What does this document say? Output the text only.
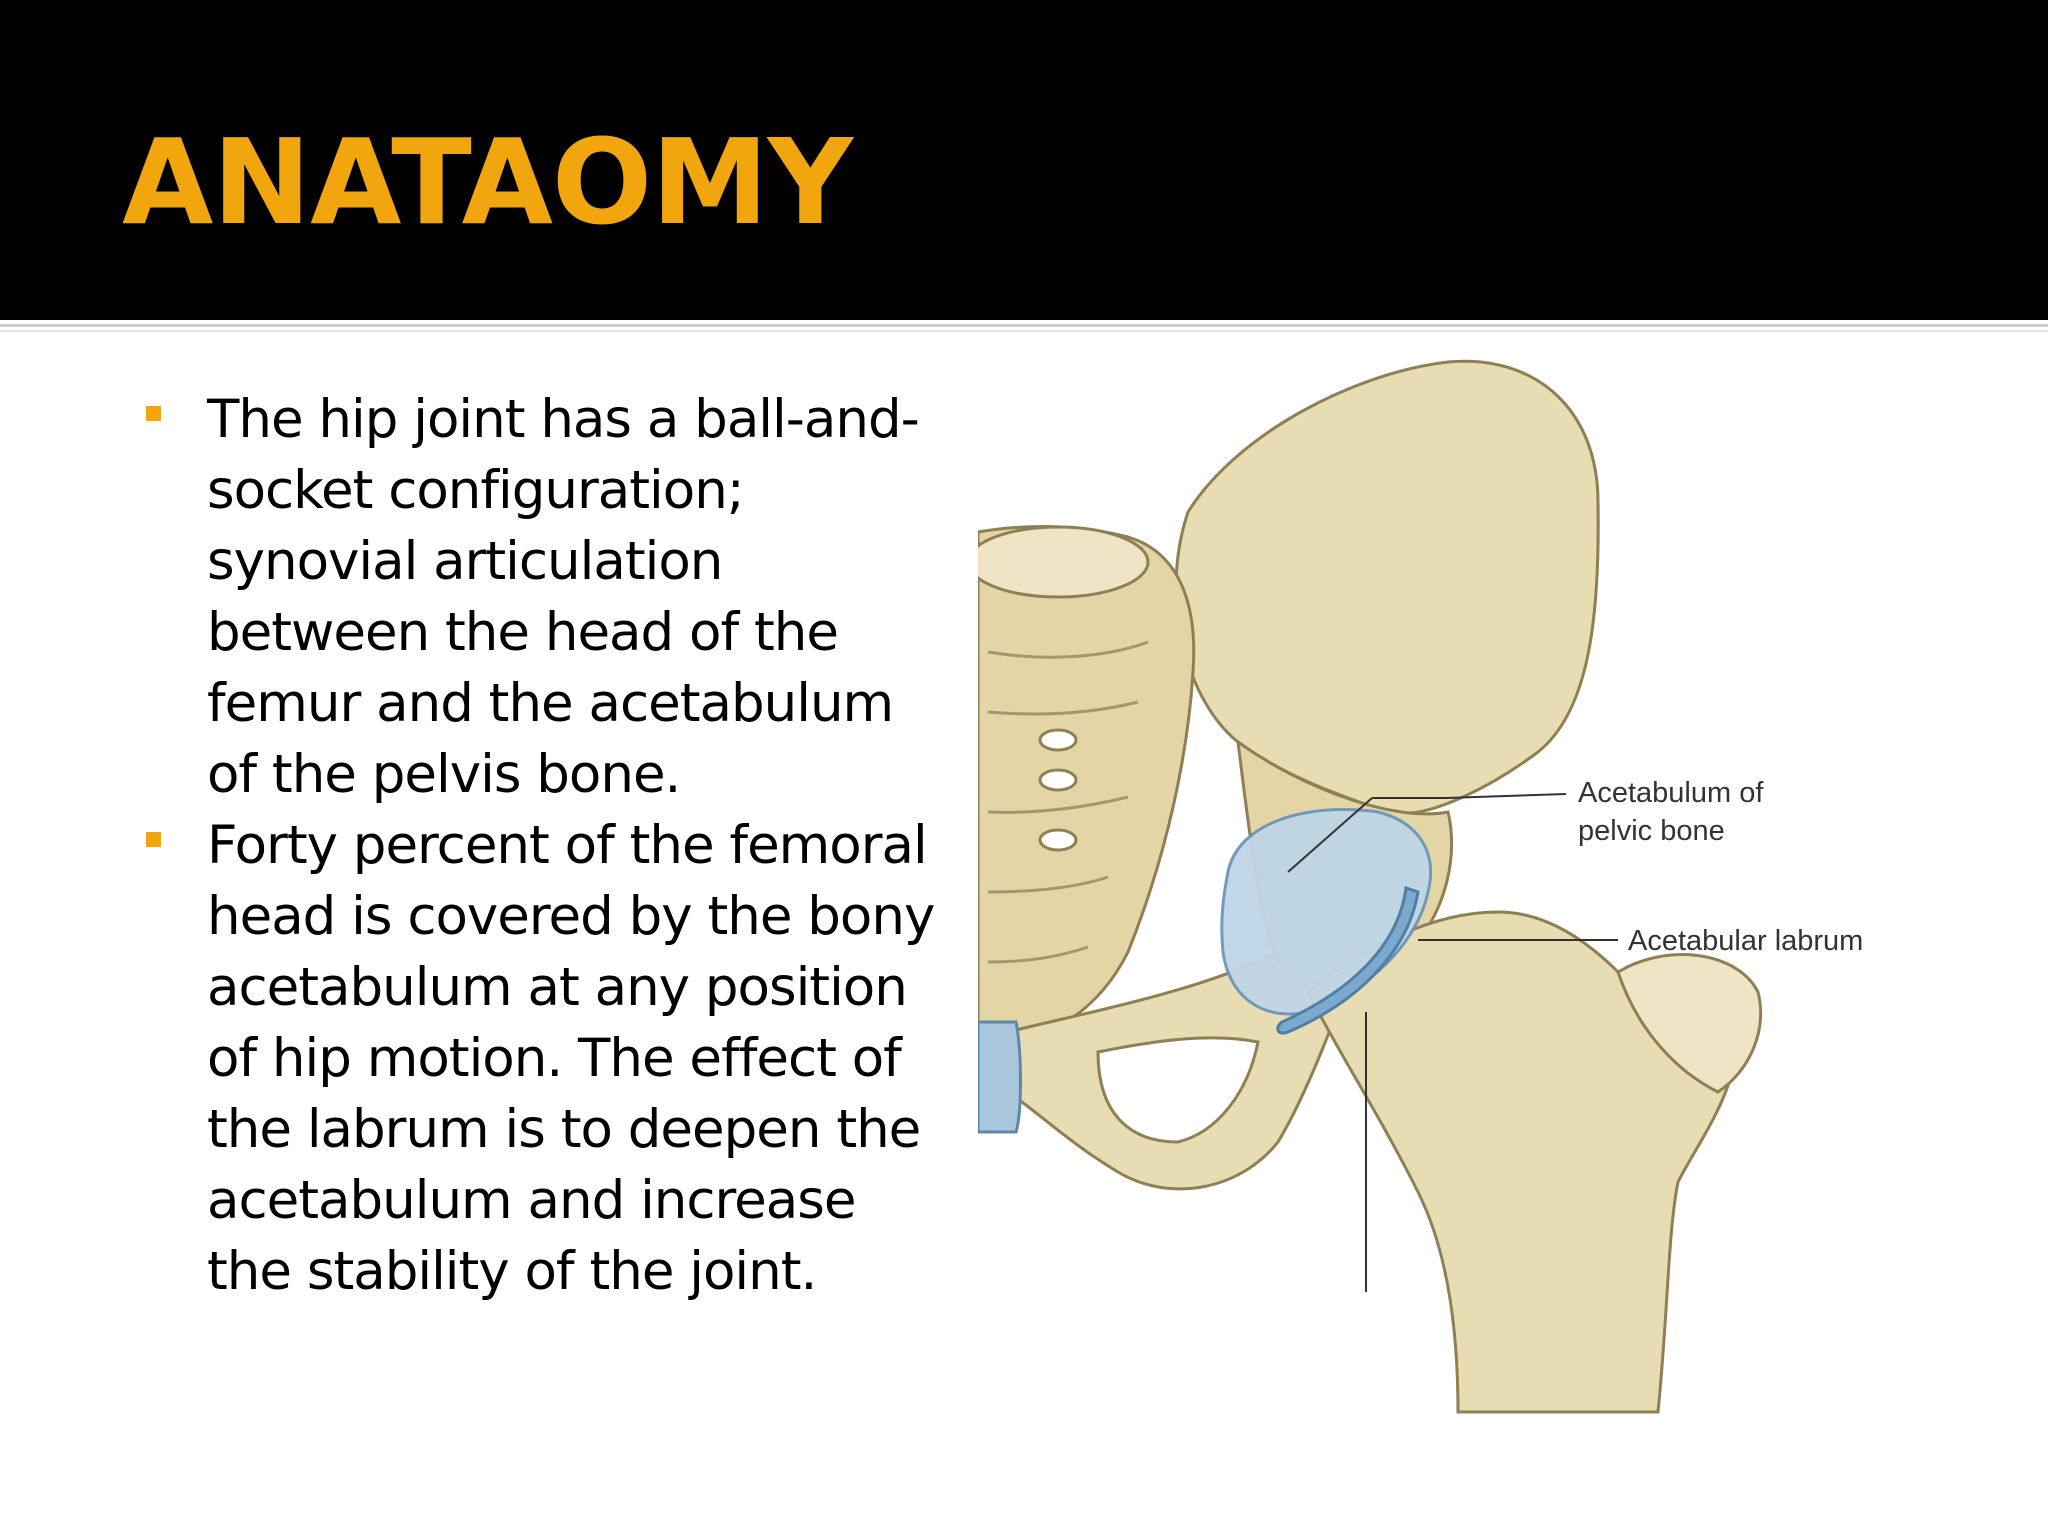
ANATAOMY
The hip joint has a ball-and-socket configuration; synovial articulation between the head of the femur and the acetabulum of the pelvis bone.
Forty percent of the femoral head is covered by the bony acetabulum at any position of hip motion. The effect of the labrum is to deepen the acetabulum and increase the stability of the joint.
Acetabulum of
pelvic bone
Acetabular labrum
